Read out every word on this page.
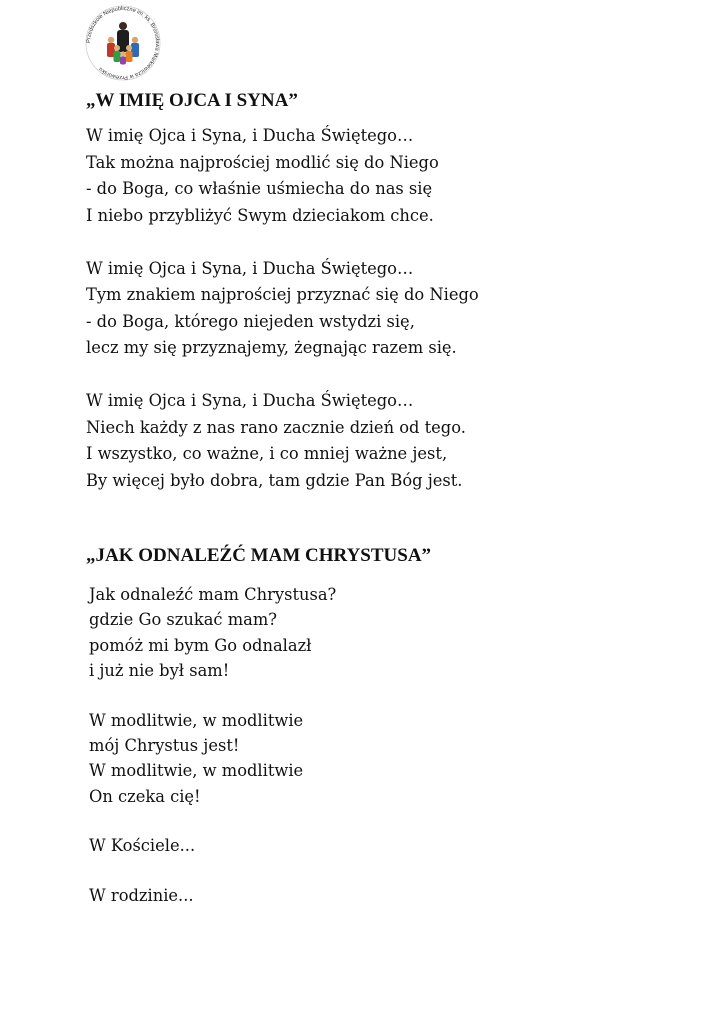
Przedszkole Niepubliczne im. ks. Bronisława Markiewicza w Przeworsku
„W IMIĘ OJCA I SYNA”

W imię Ojca i Syna, i Ducha Świętego…
Tak można najprościej modlić się do Niego
- do Boga, co właśnie uśmiecha do nas się
I niebo przybliżyć Swym dzieciakom chce.

W imię Ojca i Syna, i Ducha Świętego…
Tym znakiem najprościej przyznać się do Niego
- do Boga, którego niejeden wstydzi się,
lecz my się przyznajemy, żegnając razem się.

W imię Ojca i Syna, i Ducha Świętego…
Niech każdy z nas rano zacznie dzień od tego.
I wszystko, co ważne, i co mniej ważne jest,
By więcej było dobra, tam gdzie Pan Bóg jest.

„JAK ODNALEŹĆ MAM CHRYSTUSA”

Jak odnaleźć mam Chrystusa?
gdzie Go szukać mam?
pomóż mi bym Go odnalazł
i już nie był sam!

W modlitwie, w modlitwie
mój Chrystus jest!
W modlitwie, w modlitwie
On czeka cię!

W Kościele...

W rodzinie...
